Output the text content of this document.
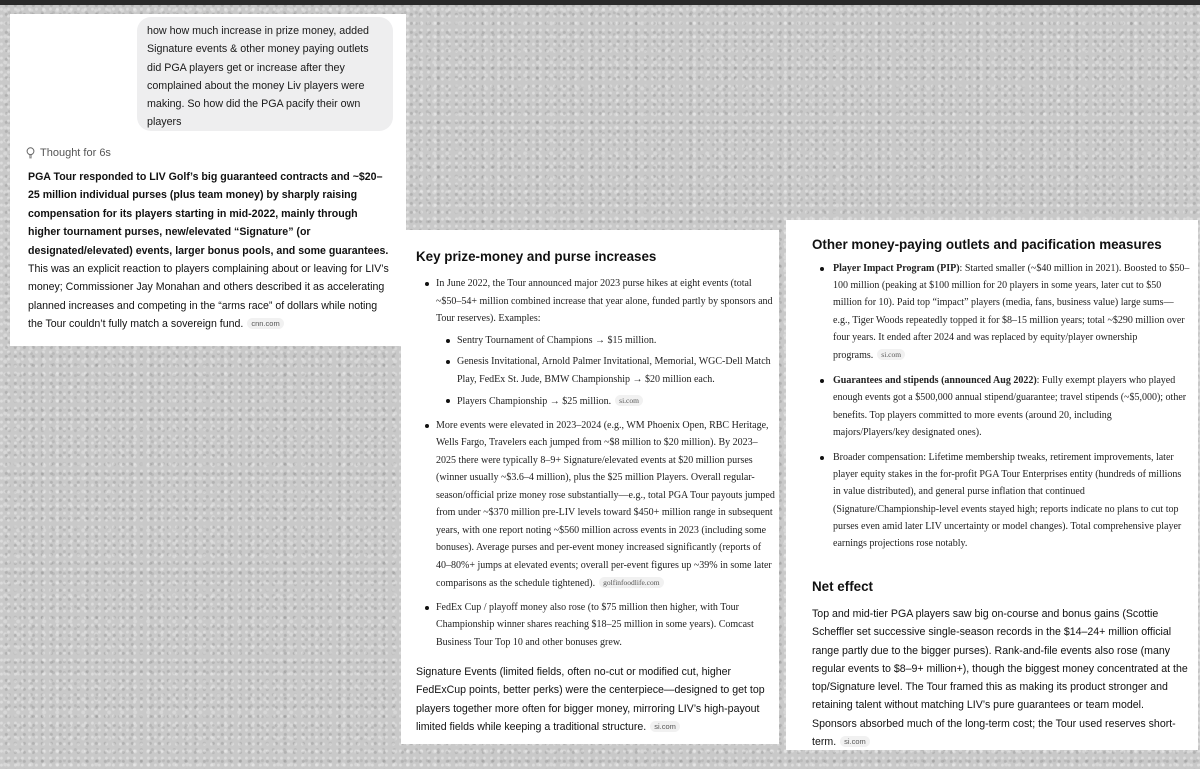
how how much increase in prize money, added Signature events & other money paying outlets did PGA players get or increase after they complained about the money Liv players were making. So how did the PGA pacify their own players
Thought for 6s
PGA Tour responded to LIV Golf’s big guaranteed contracts and ~$20–25 million individual purses (plus team money) by sharply raising compensation for its players starting in mid-2022, mainly through higher tournament purses, new/elevated “Signature” (or designated/elevated) events, larger bonus pools, and some guarantees. This was an explicit reaction to players complaining about or leaving for LIV’s money; Commissioner Jay Monahan and others described it as accelerating planned increases and competing in the “arms race” of dollars while noting the Tour couldn’t fully match a sovereign fund. cnn.com
Key prize-money and purse increases
In June 2022, the Tour announced major 2023 purse hikes at eight events (total ~$50–54+ million combined increase that year alone, funded partly by sponsors and Tour reserves). Examples:
Sentry Tournament of Champions → $15 million.
Genesis Invitational, Arnold Palmer Invitational, Memorial, WGC-Dell Match Play, FedEx St. Jude, BMW Championship → $20 million each.
Players Championship → $25 million. si.com
More events were elevated in 2023–2024 (e.g., WM Phoenix Open, RBC Heritage, Wells Fargo, Travelers each jumped from ~$8 million to $20 million). By 2023–2025 there were typically 8–9+ Signature/elevated events at $20 million purses (winner usually ~$3.6–4 million), plus the $25 million Players. Overall regular-season/official prize money rose substantially—e.g., total PGA Tour payouts jumped from under ~$370 million pre-LIV levels toward $450+ million range in subsequent years, with one report noting ~$560 million across events in 2023 (including some bonuses). Average purses and per-event money increased significantly (reports of 40–80%+ jumps at elevated events; overall per-event figures up ~39% in some later comparisons as the schedule tightened). golfinfoodlife.com
FedEx Cup / playoff money also rose (to $75 million then higher, with Tour Championship winner shares reaching $18–25 million in some years). Comcast Business Tour Top 10 and other bonuses grew.
Signature Events (limited fields, often no-cut or modified cut, higher FedExCup points, better perks) were the centerpiece—designed to get top players together more often for bigger money, mirroring LIV’s high-payout limited fields while keeping a traditional structure. si.com
Other money-paying outlets and pacification measures
Player Impact Program (PIP): Started smaller (~$40 million in 2021). Boosted to $50–100 million (peaking at $100 million for 20 players in some years, later cut to $50 million for 10). Paid top “impact” players (media, fans, business value) large sums—e.g., Tiger Woods repeatedly topped it for $8–15 million years; total ~$290 million over four years. It ended after 2024 and was replaced by equity/player ownership programs. si.com
Guarantees and stipends (announced Aug 2022): Fully exempt players who played enough events got a $500,000 annual stipend/guarantee; travel stipends (~$5,000); other benefits. Top players committed to more events (around 20, including majors/Players/key designated ones).
Broader compensation: Lifetime membership tweaks, retirement improvements, later player equity stakes in the for-profit PGA Tour Enterprises entity (hundreds of millions in value distributed), and general purse inflation that continued (Signature/Championship-level events stayed high; reports indicate no plans to cut top purses even amid later LIV uncertainty or model changes). Total comprehensive player earnings projections rose notably.
Net effect
Top and mid-tier PGA players saw big on-course and bonus gains (Scottie Scheffler set successive single-season records in the $14–24+ million official range partly due to the bigger purses). Rank-and-file events also rose (many regular events to $8–9+ million+), though the biggest money concentrated at the top/Signature level. The Tour framed this as making its product stronger and retaining talent without matching LIV’s pure guarantees or team model. Sponsors absorbed much of the long-term cost; the Tour used reserves short-term. si.com
